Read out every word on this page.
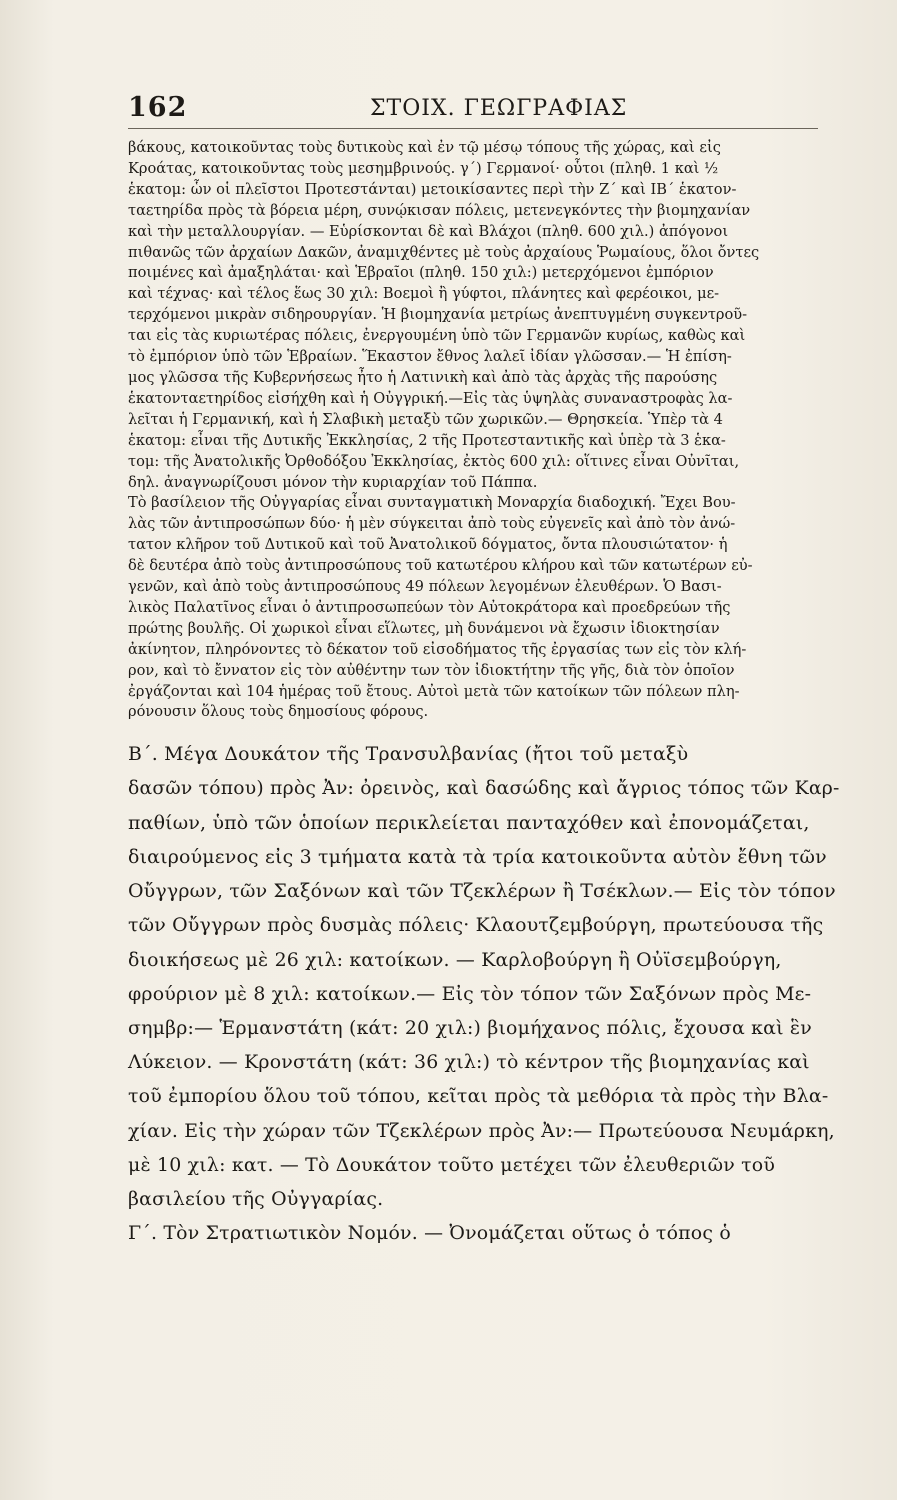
162	ΣΤΟΙΧ. ΓΕΩΓΡΑΦΙΑΣ

βάκους, κατοικοῦντας τοὺς δυτικοὺς καὶ ἐν τῷ μέσῳ τόπους τῆς χώρας, καὶ εἰς

Κροάτας, κατοικοῦντας τοὺς μεσημβρινούς. γ΄) Γερμανοί· οὗτοι (πληθ. 1 καὶ ½

ἑκατομ: ὧν οἱ πλεῖστοι Προτεστάνται) μετοικίσαντες περὶ τὴν Ζ΄ καὶ ΙΒ΄ ἑκατον-

ταετηρίδα πρὸς τὰ βόρεια μέρη, συνῴκισαν πόλεις, μετενεγκόντες τὴν βιομηχανίαν

καὶ τὴν μεταλλουργίαν. — Εὑρίσκονται δὲ καὶ Βλάχοι (πληθ. 600 χιλ.) ἀπόγονοι

πιθανῶς τῶν ἀρχαίων Δακῶν, ἀναμιχθέντες μὲ τοὺς ἀρχαίους Ῥωμαίους, ὅλοι ὄντες

ποιμένες καὶ ἀμαξηλάται· καὶ Ἑβραῖοι (πληθ. 150 χιλ:) μετερχόμενοι ἐμπόριον

καὶ τέχνας· καὶ τέλος ἕως 30 χιλ: Βοεμοὶ ἢ γύφτοι, πλάνητες καὶ φερέοικοι, με-

τερχόμενοι μικρὰν σιδηρουργίαν. Ἡ βιομηχανία μετρίως ἀνεπτυγμένη συγκεντροῦ-

ται εἰς τὰς κυριωτέρας πόλεις, ἐνεργουμένη ὑπὸ τῶν Γερμανῶν κυρίως, καθὼς καὶ

τὸ ἐμπόριον ὑπὸ τῶν Ἑβραίων. Ἕκαστον ἔθνος λαλεῖ ἰδίαν γλῶσσαν.— Ἡ ἐπίση-

μος γλῶσσα τῆς Κυβερνήσεως ἦτο ἡ Λατινικὴ καὶ ἀπὸ τὰς ἀρχὰς τῆς παρούσης

ἑκατονταετηρίδος εἰσήχθη καὶ ἡ Οὐγγρική.—Εἰς τὰς ὑψηλὰς συναναστροφὰς λα-

λεῖται ἡ Γερμανική, καὶ ἡ Σλαβικὴ μεταξὺ τῶν χωρικῶν.— Θρησκεία. Ὑπὲρ τὰ 4

ἑκατομ: εἶναι τῆς Δυτικῆς Ἐκκλησίας, 2 τῆς Προτεσταντικῆς καὶ ὑπὲρ τὰ 3 ἑκα-

τομ: τῆς Ἀνατολικῆς Ὀρθοδόξου Ἐκκλησίας, ἐκτὸς 600 χιλ: οἵτινες εἶναι Οὐνῖται,

δηλ. ἀναγνωρίζουσι μόνον τὴν κυριαρχίαν τοῦ Πάππα.

Τὸ βασίλειον τῆς Οὐγγαρίας εἶναι συνταγματικὴ Μοναρχία διαδοχική. Ἔχει Βου-

λὰς τῶν ἀντιπροσώπων δύο· ἡ μὲν σύγκειται ἀπὸ τοὺς εὐγενεῖς καὶ ἀπὸ τὸν ἀνώ-

τατον κλῆρον τοῦ Δυτικοῦ καὶ τοῦ Ἀνατολικοῦ δόγματος, ὄντα πλουσιώτατον· ἡ

δὲ δευτέρα ἀπὸ τοὺς ἀντιπροσώπους τοῦ κατωτέρου κλήρου καὶ τῶν κατωτέρων εὐ-

γενῶν, καὶ ἀπὸ τοὺς ἀντιπροσώπους 49 πόλεων λεγομένων ἐλευθέρων. Ὁ Βασι-

λικὸς Παλατῖνος εἶναι ὁ ἀντιπροσωπεύων τὸν Αὐτοκράτορα καὶ προεδρεύων τῆς

πρώτης βουλῆς. Οἱ χωρικοὶ εἶναι εἵλωτες, μὴ δυνάμενοι νὰ ἔχωσιν ἰδιοκτησίαν

ἀκίνητον, πληρόνοντες τὸ δέκατον τοῦ εἰσοδήματος τῆς ἐργασίας των εἰς τὸν κλή-

ρον, καὶ τὸ ἔννατον εἰς τὸν αὐθέντην των τὸν ἰδιοκτήτην τῆς γῆς, διὰ τὸν ὁποῖον

ἐργάζονται καὶ 104 ἡμέρας τοῦ ἔτους. Αὐτοὶ μετὰ τῶν κατοίκων τῶν πόλεων πλη-

ρόνουσιν ὅλους τοὺς δημοσίους φόρους.

Β΄. Μέγα Δουκάτον τῆς Τρανσυλβανίας (ἤτοι τοῦ μεταξὺ

δασῶν τόπου) πρὸς Ἀν: ὀρεινὸς, καὶ δασώδης καὶ ἄγριος τόπος τῶν Καρ-

παθίων, ὑπὸ τῶν ὁποίων περικλείεται πανταχόθεν καὶ ἐπονομάζεται,

διαιρούμενος εἰς 3 τμήματα κατὰ τὰ τρία κατοικοῦντα αὐτὸν ἔθνη τῶν

Οὔγγρων, τῶν Σαξόνων καὶ τῶν Τζεκλέρων ἢ Τσέκλων.— Εἰς τὸν τόπον

τῶν Οὔγγρων πρὸς δυσμὰς πόλεις· Κλαουτζεμβούργη, πρωτεύουσα τῆς

διοικήσεως μὲ 26 χιλ: κατοίκων. — Καρλοβούργη ἢ Οὐϊσεμβούργη,

φρούριον μὲ 8 χιλ: κατοίκων.— Εἰς τὸν τόπον τῶν Σαξόνων πρὸς Με-

σημβρ:— Ἑρμανστάτη (κάτ: 20 χιλ:) βιομήχανος πόλις, ἔχουσα καὶ ἓν

Λύκειον. — Κρονστάτη (κάτ: 36 χιλ:) τὸ κέντρον τῆς βιομηχανίας καὶ

τοῦ ἐμπορίου ὅλου τοῦ τόπου, κεῖται πρὸς τὰ μεθόρια τὰ πρὸς τὴν Βλα-

χίαν. Εἰς τὴν χώραν τῶν Τζεκλέρων πρὸς Ἀν:— Πρωτεύουσα Νευμάρκη,

μὲ 10 χιλ: κατ. — Τὸ Δουκάτον τοῦτο μετέχει τῶν ἐλευθεριῶν τοῦ

βασιλείου τῆς Οὐγγαρίας.

Γ΄. Τὸν Στρατιωτικὸν Νομόν. — Ὀνομάζεται οὕτως ὁ τόπος ὁ
